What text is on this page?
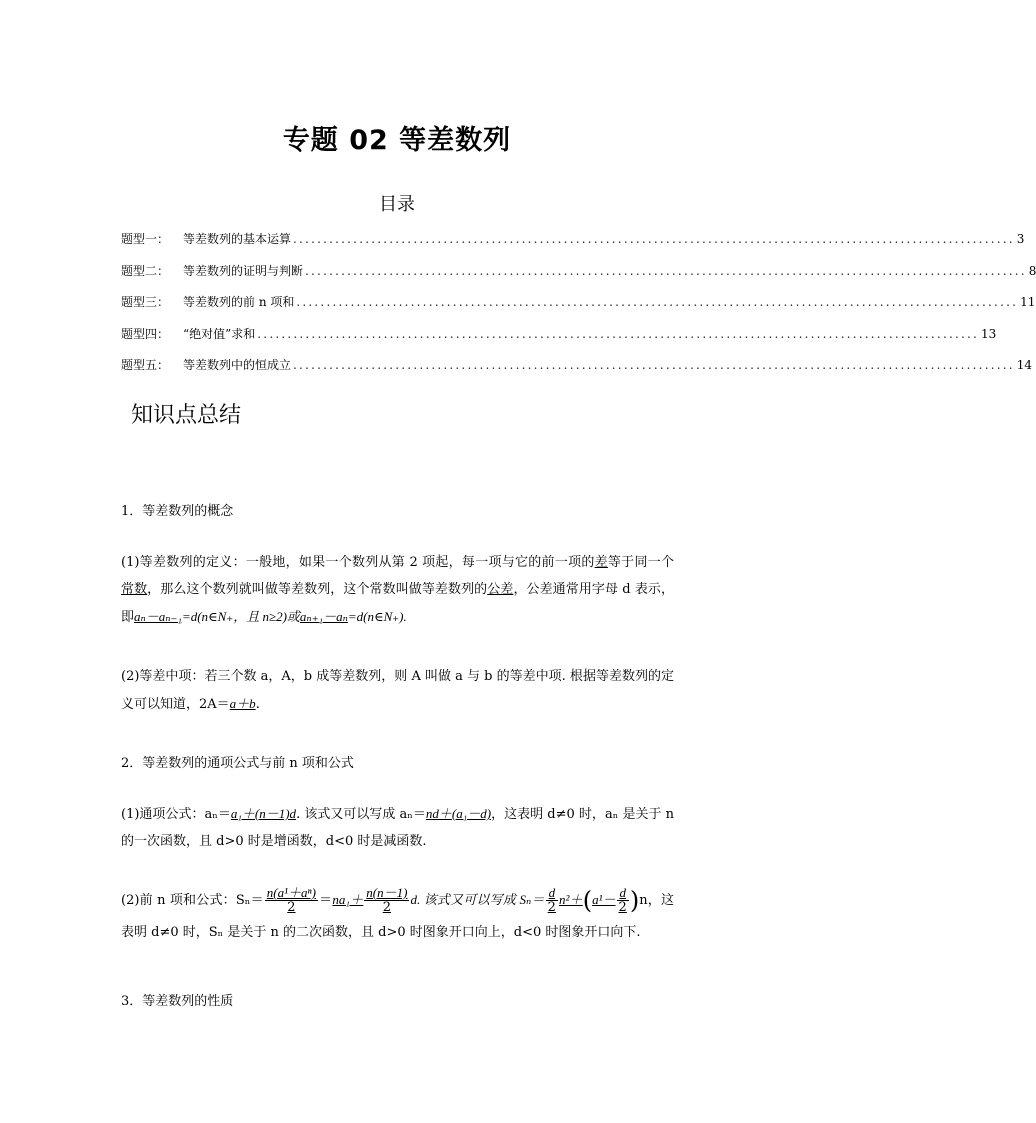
专题 02 等差数列
目录
题型一： 等差数列的基本运算 ........................................................................................................................ 3
题型二： 等差数列的证明与判断 ........................................................................................................................ 8
题型三： 等差数列的前 n 项和 ........................................................................................................................ 11
题型四： “绝对值”求和 ........................................................................................................................ 13
题型五： 等差数列中的恒成立 ........................................................................................................................ 14
知识点总结
1．等差数列的概念
(1)等差数列的定义：一般地，如果一个数列从第 2 项起，每一项与它的前一项的差等于同一个常数，那么这个数列就叫做等差数列，这个常数叫做等差数列的公差，公差通常用字母 d 表示，即aₙ－aₙ₋₁=d(n∈N₊，且 n≥2)或aₙ₊₁－aₙ=d(n∈N₊).
(2)等差中项：若三个数 a，A，b 成等差数列，则 A 叫做 a 与 b 的等差中项. 根据等差数列的定义可以知道，2A＝a＋b.
2．等差数列的通项公式与前 n 项和公式
(1)通项公式：aₙ＝a₁＋(n－1)d. 该式又可以写成 aₙ＝nd＋(a₁－d)，这表明 d≠0 时，aₙ 是关于 n 的一次函数，且 d>0 时是增函数，d<0 时是减函数.
(2)前 n 项和公式：$S_n= \frac{\text{n(a¹＋aⁿ)}}{2} =na_1+ \frac{n(n-1)}{2} d$. 该式又可以写成 $S_n= \frac{d}{2} n^2+(a^1- \frac{d}{2} )n$，这表明 d≠0 时，Sₙ 是关于 n 的二次函数，且 d>0 时图象开口向上，d<0 时图象开口向下.
3．等差数列的性质
